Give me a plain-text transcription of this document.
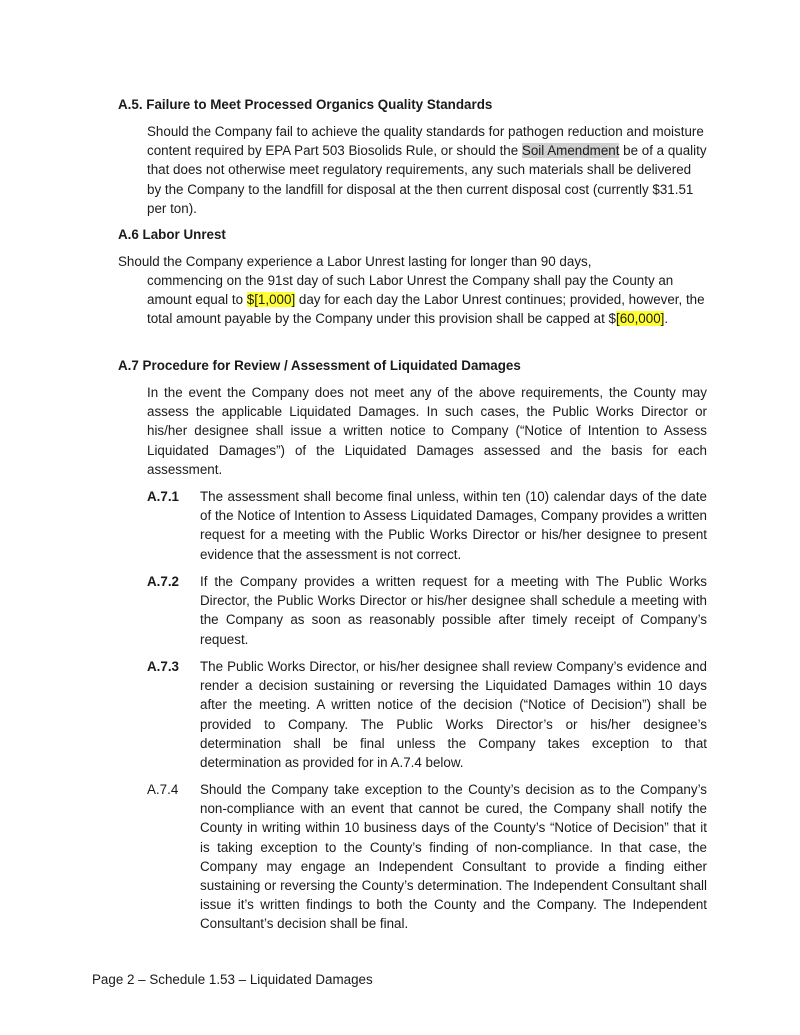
A.5. Failure to Meet Processed Organics Quality Standards
Should the Company fail to achieve the quality standards for pathogen reduction and moisture content required by EPA Part 503 Biosolids Rule, or should the Soil Amendment be of a quality that does not otherwise meet regulatory requirements, any such materials shall be delivered by the Company to the landfill for disposal at the then current disposal cost (currently $31.51 per ton).
A.6 Labor Unrest
Should the Company experience a Labor Unrest lasting for longer than 90 days,
commencing on the 91st day of such Labor Unrest the Company shall pay the County an amount equal to $[1,000] day for each day the Labor Unrest continues; provided, however, the total amount payable by the Company under this provision shall be capped at $[60,000].
A.7 Procedure for Review / Assessment of Liquidated Damages
In the event the Company does not meet any of the above requirements, the County may assess the applicable Liquidated Damages. In such cases, the Public Works Director or his/her designee shall issue a written notice to Company (“Notice of Intention to Assess Liquidated Damages”) of the Liquidated Damages assessed and the basis for each assessment.
A.7.1	The assessment shall become final unless, within ten (10) calendar days of the date of the Notice of Intention to Assess Liquidated Damages, Company provides a written request for a meeting with the Public Works Director or his/her designee to present evidence that the assessment is not correct.
A.7.2	If the Company provides a written request for a meeting with The Public Works Director, the Public Works Director or his/her designee shall schedule a meeting with the Company as soon as reasonably possible after timely receipt of Company’s request.
A.7.3	The Public Works Director, or his/her designee shall review Company’s evidence and render a decision sustaining or reversing the Liquidated Damages within 10 days after the meeting. A written notice of the decision (“Notice of Decision”) shall be provided to Company. The Public Works Director’s or his/her designee’s determination shall be final unless the Company takes exception to that determination as provided for in A.7.4 below.
A.7.4	Should the Company take exception to the County’s decision as to the Company’s non-compliance with an event that cannot be cured, the Company shall notify the County in writing within 10 business days of the County’s “Notice of Decision” that it is taking exception to the County’s finding of non-compliance. In that case, the Company may engage an Independent Consultant to provide a finding either sustaining or reversing the County’s determination. The Independent Consultant shall issue it’s written findings to both the County and the Company. The Independent Consultant’s decision shall be final.
Page 2 – Schedule 1.53 – Liquidated Damages
